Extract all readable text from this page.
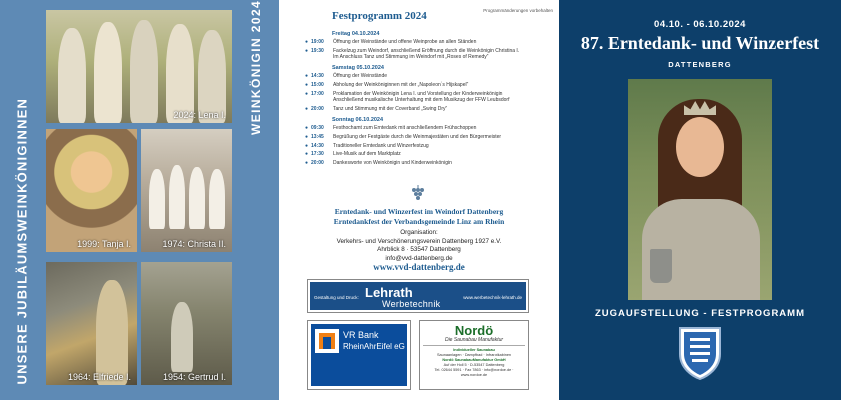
UNSERE JUBILÄUMSWEINKÖNIGINNEN
WEINKÖNIGIN 2024
2024: Lena I.
1999: Tanja I.	1974: Christa II.
1964: Elfriede I.	1954: Gertrud I.
Programmänderungen vorbehalten
Festprogramm 2024
Freitag 04.10.2024
● 19:00	Öffnung der Weinstände und offene Weinprobe an allen Ständen
● 19:30	Fackelzug zum Weindorf, anschließend Eröffnung durch die Weinkönigin Christina I.
Im Anschluss Tanz und Stimmung im Weindorf mit „Roses of Remedy“
Samstag 05.10.2024
● 14:30	Öffnung der Weinstände
● 15:00	Abholung der Weinköniginnen mit der „Napoleon´s Hijskapel“
● 17:00	Proklamation der Weinkönigin Lena I. und Vorstellung der Kinderweinkönigin
Anschließend musikalische Unterhaltung mit dem Musikzug der FFW Leubsdorf
● 20:00	Tanz und Stimmung mit der Coverband „Swing Dry“
Sonntag 06.10.2024
● 09:30	Festhochamt zum Erntedank mit anschließendem Frühschoppen
● 13:45	Begrüßung der Festgäste durch die Weinmajestäten und den Bürgermeister
● 14:30	Traditioneller Erntedank und Winzerfestzug
● 17:30	Live-Musik auf dem Marktplatz
● 20:00	Dankesworte von Weinkönigin und Kinderweinkönigin
Erntedank- und Winzerfest im Weindorf Dattenberg
Erntedankfest der Verbandsgemeinde Linz am Rhein
Organisation:
Verkehrs- und Verschönerungsverein Dattenberg 1927 e.V.
Ahrblick 8 · 53547 Dattenberg
info@vvd-dattenberg.de
www.vvd-dattenberg.de
Gestaltung und Druck: Lehrath
Werbetechnik
www.werbetechnik-lehrath.de
VR Bank
RheinAhrEifel eG
Nordö
Die Saunabau Manufaktur
Individueller Saunabau
Saunaanlagen · Dampfbad · Infrarotkabinen
Nordö SaunabauManufaktur GmbH
Auf der Holl 5 · D-53547 Dattenberg
Tel. 02644 5591 · Fax 7863 · info@nordoe.de · www.nordoe.de
04.10. - 06.10.2024
87. Erntedank- und Winzerfest
DATTENBERG
ZUGAUFSTELLUNG - FESTPROGRAMM
